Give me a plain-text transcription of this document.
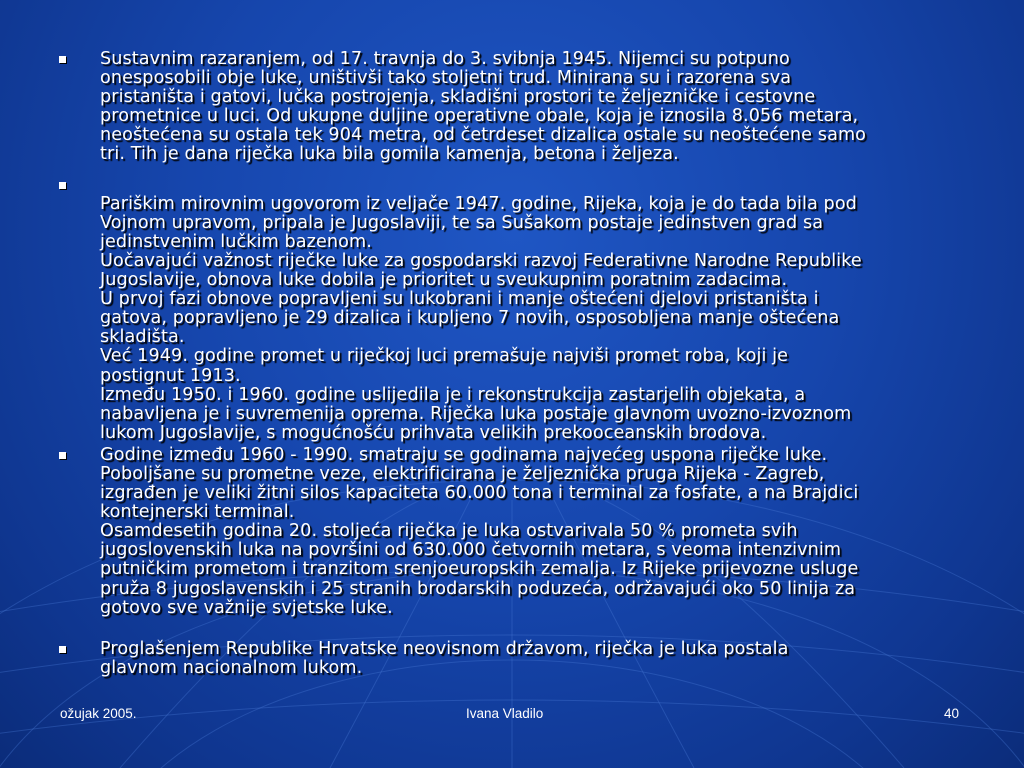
Sustavnim razaranjem, od 17. travnja do 3. svibnja 1945. Nijemci su potpuno
onesposobili obje luke, uništivši tako stoljetni trud. Minirana su i razorena sva
pristaništa i gatovi, lučka postrojenja, skladišni prostori te željezničke i cestovne
prometnice u luci. Od ukupne duljine operativne obale, koja je iznosila 8.056 metara,
neoštećena su ostala tek 904 metra, od četrdeset dizalica ostale su neoštećene samo
tri. Tih je dana riječka luka bila gomila kamenja, betona i željeza.
Pariškim mirovnim ugovorom iz veljače 1947. godine, Rijeka, koja je do tada bila pod
Vojnom upravom, pripala je Jugoslaviji, te sa Sušakom postaje jedinstven grad sa
jedinstvenim lučkim bazenom.
Uočavajući važnost riječke luke za gospodarski razvoj Federativne Narodne Republike
Jugoslavije, obnova luke dobila je prioritet u sveukupnim poratnim zadacima.
U prvoj fazi obnove popravljeni su lukobrani i manje oštećeni djelovi pristaništa i
gatova, popravljeno je 29 dizalica i kupljeno 7 novih, osposobljena manje oštećena
skladišta.
Već 1949. godine promet u riječkoj luci premašuje najviši promet roba, koji je
postignut 1913.
Između 1950. i 1960. godine uslijedila je i rekonstrukcija zastarjelih objekata, a
nabavljena je i suvremenija oprema. Riječka luka postaje glavnom uvozno-izvoznom
lukom Jugoslavije, s mogućnošću prihvata velikih prekooceanskih brodova.
Godine između 1960 - 1990. smatraju se godinama najvećeg uspona riječke luke.
Poboljšane su prometne veze, elektrificirana je željeznička pruga Rijeka - Zagreb,
izgrađen je veliki žitni silos kapaciteta 60.000 tona i terminal za fosfate, a na Brajdici
kontejnerski terminal.
Osamdesetih godina 20. stoljeća riječka je luka ostvarivala 50 % prometa svih
jugoslovenskih luka na površini od 630.000 četvornih metara, s veoma intenzivnim
putničkim prometom i tranzitom srenjoeuropskih zemalja. Iz Rijeke prijevozne usluge
pruža 8 jugoslavenskih i 25 stranih brodarskih poduzeća, održavajući oko 50 linija za
gotovo sve važnije svjetske luke.
Proglašenjem Republike Hrvatske neovisnom državom, riječka je luka postala
glavnom nacionalnom lukom.
ožujak 2005.	Ivana Vladilo	40
